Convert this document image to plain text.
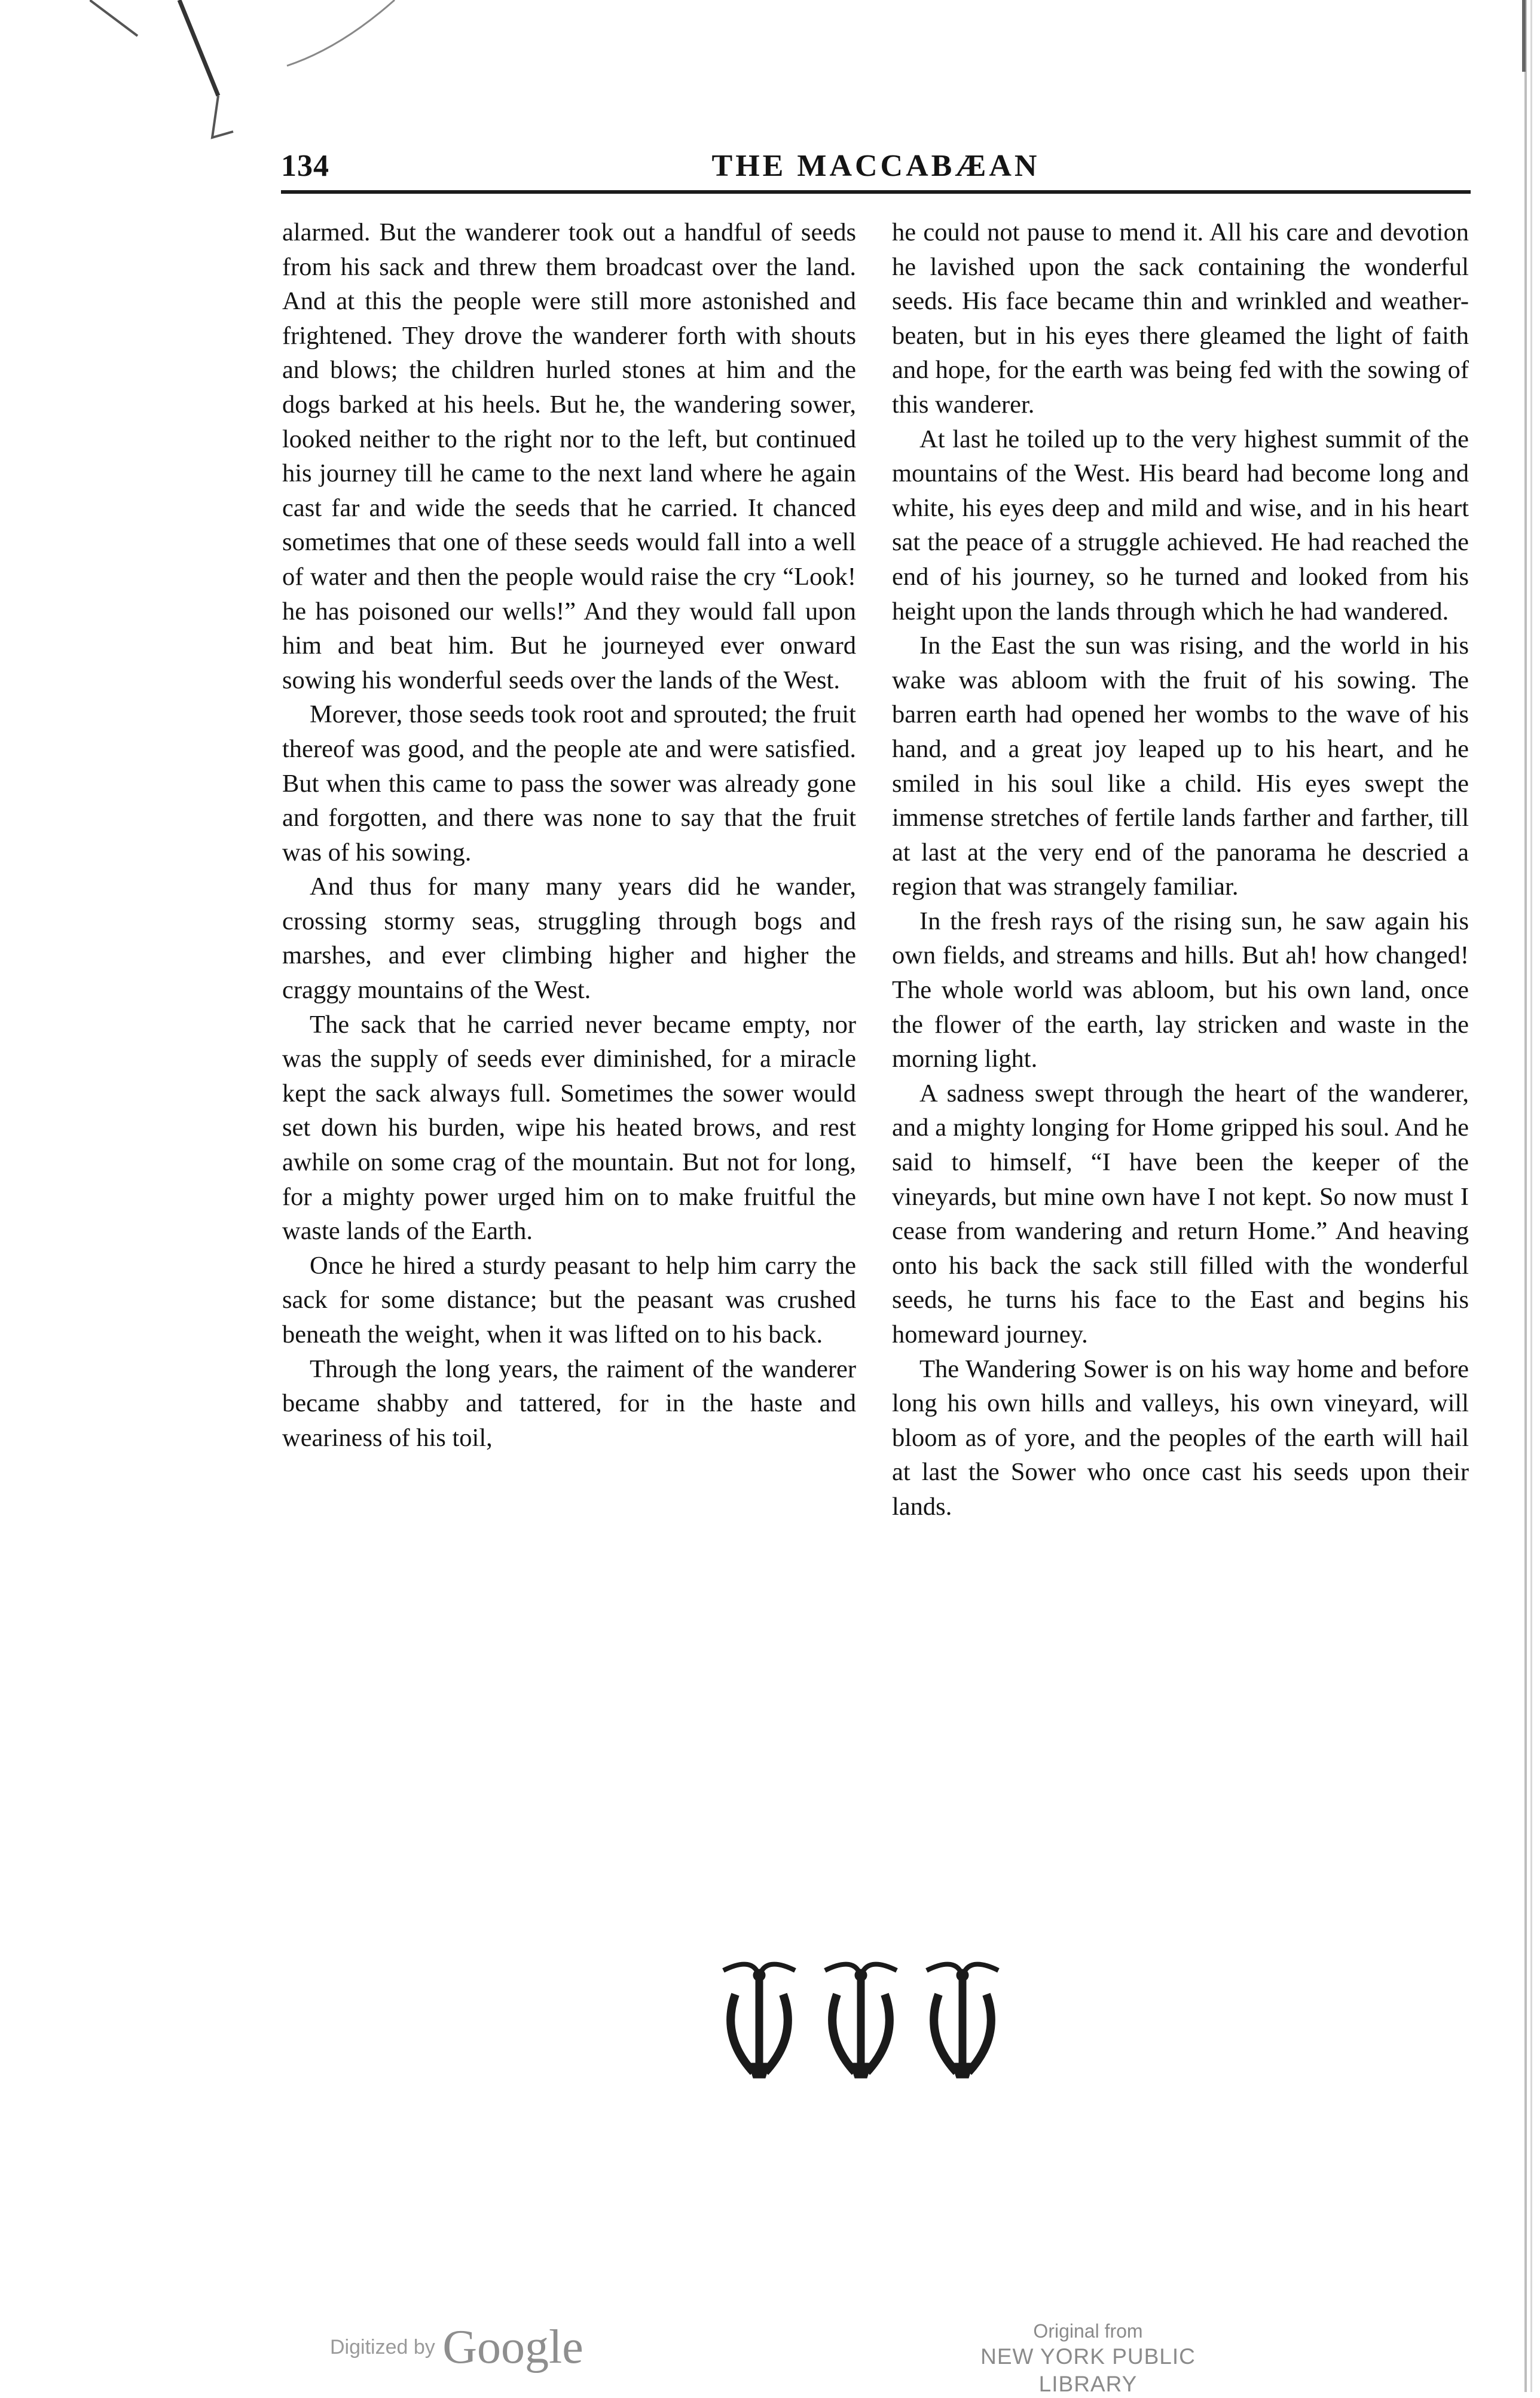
134	THE MACCABÆAN

alarmed. But the wanderer took out a handful of seeds from his sack and threw them broadcast over the land. And at this the people were still more astonished and frightened. They drove the wanderer forth with shouts and blows; the children hurled stones at him and the dogs barked at his heels. But he, the wandering sower, looked neither to the right nor to the left, but continued his journey till he came to the next land where he again cast far and wide the seeds that he carried. It chanced sometimes that one of these seeds would fall into a well of water and then the people would raise the cry “Look! he has poisoned our wells!” And they would fall upon him and beat him. But he journeyed ever onward sowing his wonderful seeds over the lands of the West.

Morever, those seeds took root and sprouted; the fruit thereof was good, and the people ate and were satisfied. But when this came to pass the sower was already gone and forgotten, and there was none to say that the fruit was of his sowing.

And thus for many many years did he wander, crossing stormy seas, struggling through bogs and marshes, and ever climbing higher and higher the craggy mountains of the West.

The sack that he carried never became empty, nor was the supply of seeds ever diminished, for a miracle kept the sack always full. Sometimes the sower would set down his burden, wipe his heated brows, and rest awhile on some crag of the mountain. But not for long, for a mighty power urged him on to make fruitful the waste lands of the Earth.

Once he hired a sturdy peasant to help him carry the sack for some distance; but the peasant was crushed beneath the weight, when it was lifted on to his back.

Through the long years, the raiment of the wanderer became shabby and tattered, for in the haste and weariness of his toil,

he could not pause to mend it. All his care and devotion he lavished upon the sack containing the wonderful seeds. His face became thin and wrinkled and weather-beaten, but in his eyes there gleamed the light of faith and hope, for the earth was being fed with the sowing of this wanderer.

At last he toiled up to the very highest summit of the mountains of the West. His beard had become long and white, his eyes deep and mild and wise, and in his heart sat the peace of a struggle achieved. He had reached the end of his journey, so he turned and looked from his height upon the lands through which he had wandered.

In the East the sun was rising, and the world in his wake was abloom with the fruit of his sowing. The barren earth had opened her wombs to the wave of his hand, and a great joy leaped up to his heart, and he smiled in his soul like a child. His eyes swept the immense stretches of fertile lands farther and farther, till at last at the very end of the panorama he descried a region that was strangely familiar.

In the fresh rays of the rising sun, he saw again his own fields, and streams and hills. But ah! how changed! The whole world was abloom, but his own land, once the flower of the earth, lay stricken and waste in the morning light.

A sadness swept through the heart of the wanderer, and a mighty longing for Home gripped his soul. And he said to himself, “I have been the keeper of the vineyards, but mine own have I not kept. So now must I cease from wandering and return Home.” And heaving onto his back the sack still filled with the wonderful seeds, he turns his face to the East and begins his homeward journey.

The Wandering Sower is on his way home and before long his own hills and valleys, his own vineyard, will bloom as of yore, and the peoples of the earth will hail at last the Sower who once cast his seeds upon their lands.

Digitized by Google	Original from
NEW YORK PUBLIC LIBRARY
